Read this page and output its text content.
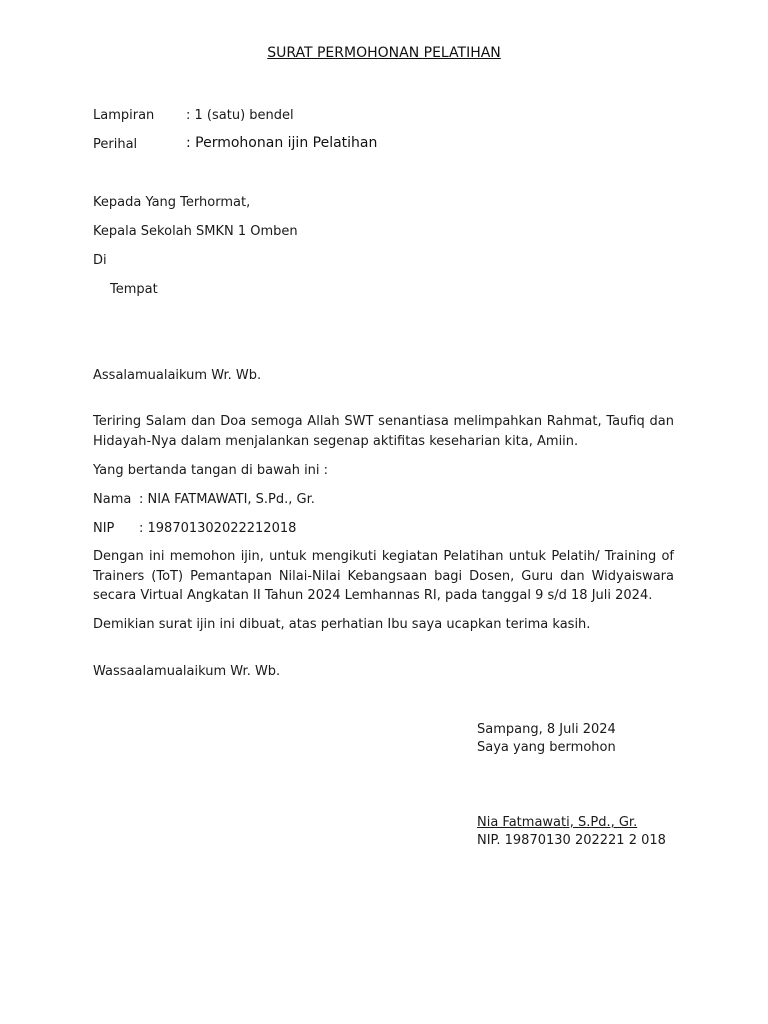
SURAT PERMOHONAN PELATIHAN
Lampiran : 1 (satu) bendel
Perihal	: Permohonan ijin Pelatihan
Kepada Yang Terhormat,
Kepala Sekolah SMKN 1 Omben
Di
Tempat
Assalamualaikum Wr. Wb.
Teriring Salam dan Doa semoga Allah SWT senantiasa melimpahkan Rahmat, Taufiq dan Hidayah-Nya dalam menjalankan segenap aktifitas keseharian kita, Amiin.
Yang bertanda tangan di bawah ini :
Nama : NIA FATMAWATI, S.Pd., Gr.
NIP : 198701302022212018
Dengan ini memohon ijin, untuk mengikuti kegiatan Pelatihan untuk Pelatih/ Training of Trainers (ToT) Pemantapan Nilai-Nilai Kebangsaan bagi Dosen, Guru dan Widyaiswara secara Virtual Angkatan II Tahun 2024 Lemhannas RI, pada tanggal 9 s/d 18 Juli 2024.
Demikian surat ijin ini dibuat, atas perhatian Ibu saya ucapkan terima kasih.
Wassaalamualaikum Wr. Wb.
Sampang, 8 Juli 2024
Saya yang bermohon
Nia Fatmawati, S.Pd., Gr.
NIP. 19870130 202221 2 018
